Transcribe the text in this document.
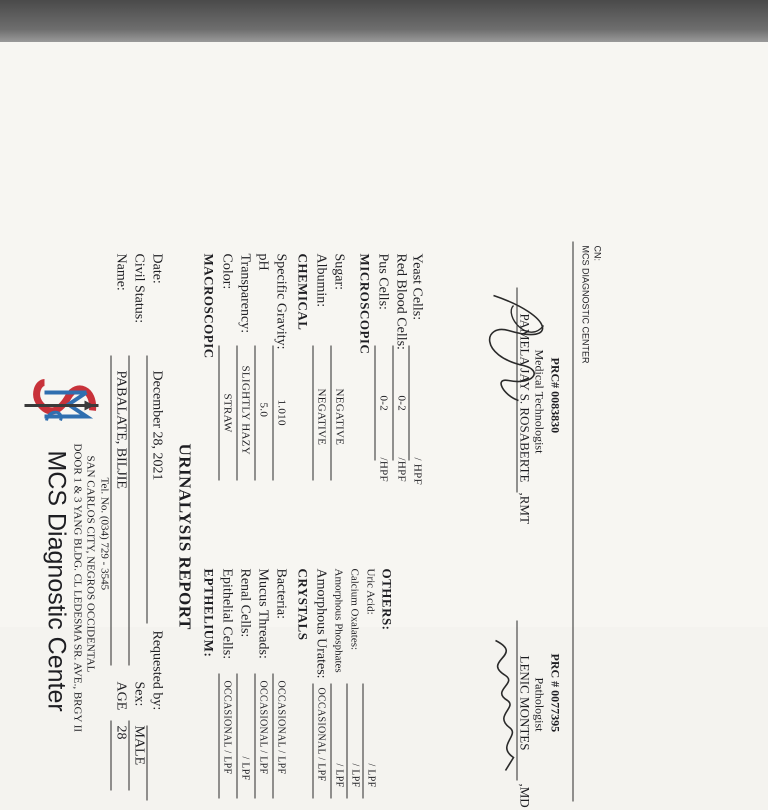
MCS Diagnostic Center DOOR 1 & 3 YANG BLDG. CL LEDESMA SR. AVE., BRGY II SAN CARLOS CITY, NEGROS OCCIDENTAL Tel. No. (034) 729 - 3545
Name:
PABALATE, BILJIE
AGE
28
Civil Status:
Sex:
MALE
Date:
December 28, 2021
Requested by:
URINALYSIS REPORT
MACROSCOPIC Color:
STRAW
Transparency:
SLIGHTLY HAZY
pH
5.0
Specific Gravity:
1.010
CHEMICAL Albumin:
NEGATIVE
Sugar:
NEGATIVE
MICROSCOPIC Pus Cells:
0-2
/HPF
Red Blood Cells:
0-2
/HPF
Yeast Cells:
/ HPF
EPTHELIUM: Epithelial Cells:
OCCASIONAL / LPF
Renal Cells:
/ LPF
Mucus Threads:
OCCASIONAL / LPF
Bacteria:
OCCASIONAL / LPF
CRYSTALS Amorphous Urates:
OCCASIONAL / LPF
Amorphous Phosphates
/ LPF
Calcium Oxalates:
/ LPF
Uric Acid:
/ LPF
OTHERS:
PAMELA JAY S. ROSABERTE
,RMT
Medical Technologist PRC# 0083830
LENIC MONTES
,MD
Pathologist PRC # 0077395
MCS DIAGNOSTIC CENTER CN:
